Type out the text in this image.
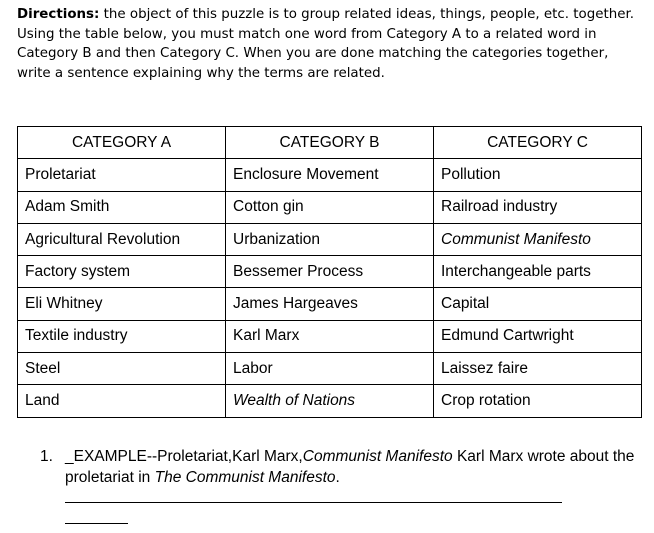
Directions: the object of this puzzle is to group related ideas, things, people, etc. together. Using the table below, you must match one word from Category A to a related word in Category B and then Category C. When you are done matching the categories together, write a sentence explaining why the terms are related.
CATEGORY A	CATEGORY B	CATEGORY C
Proletariat	Enclosure Movement	Pollution
Adam Smith	Cotton gin	Railroad industry
Agricultural Revolution	Urbanization	Communist Manifesto
Factory system	Bessemer Process	Interchangeable parts
Eli Whitney	James Hargeaves	Capital
Textile industry	Karl Marx	Edmund Cartwright
Steel	Labor	Laissez faire
Land	Wealth of Nations	Crop rotation
1. _EXAMPLE--Proletariat,Karl Marx,Communist Manifesto Karl Marx wrote about the proletariat in The Communist Manifesto.
